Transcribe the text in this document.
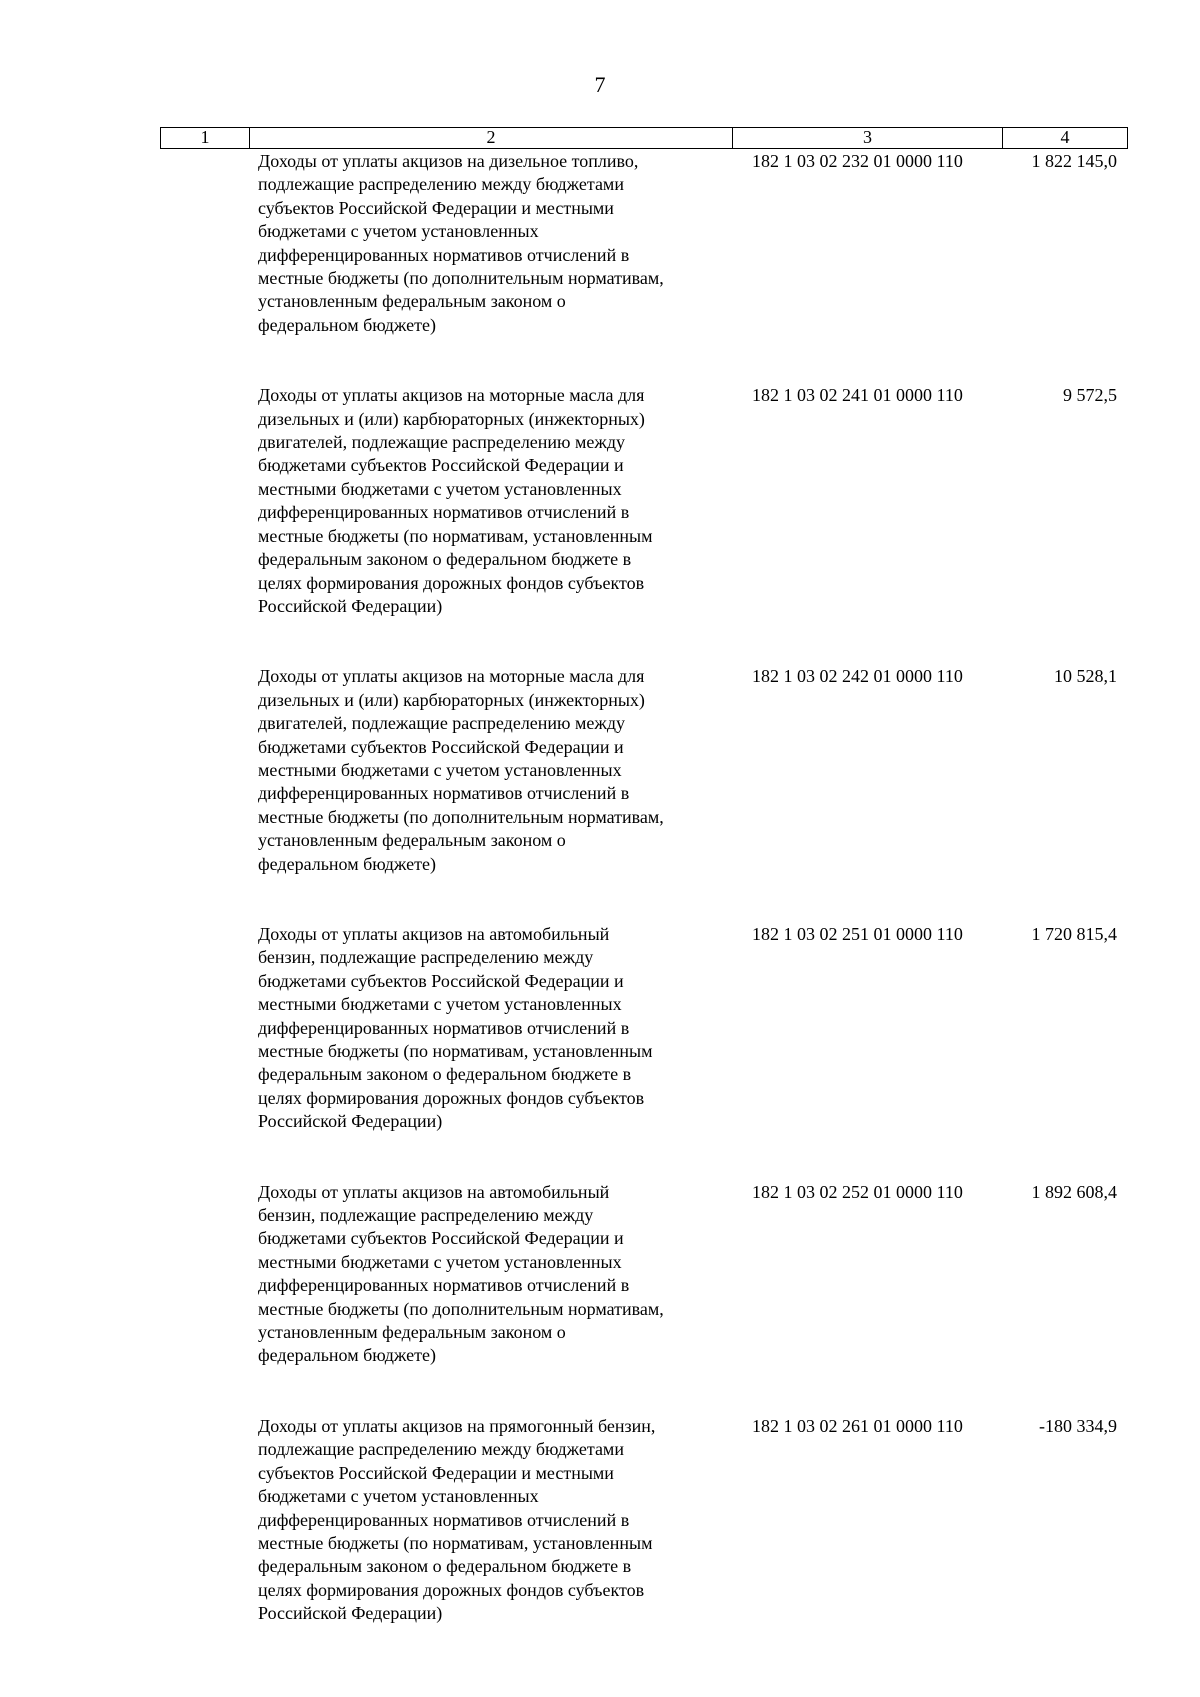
7
1	2	3	4
Доходы от уплаты акцизов на дизельное топливо,
подлежащие распределению между бюджетами
субъектов Российской Федерации и местными
бюджетами с учетом установленных
дифференцированных нормативов отчислений в
местные бюджеты (по дополнительным нормативам,
установленным федеральным законом о
федеральном бюджете)
182 1 03 02 232 01 0000 110	1 822 145,0
Доходы от уплаты акцизов на моторные масла для
дизельных и (или) карбюраторных (инжекторных)
двигателей, подлежащие распределению между
бюджетами субъектов Российской Федерации и
местными бюджетами с учетом установленных
дифференцированных нормативов отчислений в
местные бюджеты (по нормативам, установленным
федеральным законом о федеральном бюджете в
целях формирования дорожных фондов субъектов
Российской Федерации)
182 1 03 02 241 01 0000 110	9 572,5
Доходы от уплаты акцизов на моторные масла для
дизельных и (или) карбюраторных (инжекторных)
двигателей, подлежащие распределению между
бюджетами субъектов Российской Федерации и
местными бюджетами с учетом установленных
дифференцированных нормативов отчислений в
местные бюджеты (по дополнительным нормативам,
установленным федеральным законом о
федеральном бюджете)
182 1 03 02 242 01 0000 110	10 528,1
Доходы от уплаты акцизов на автомобильный
бензин, подлежащие распределению между
бюджетами субъектов Российской Федерации и
местными бюджетами с учетом установленных
дифференцированных нормативов отчислений в
местные бюджеты (по нормативам, установленным
федеральным законом о федеральном бюджете в
целях формирования дорожных фондов субъектов
Российской Федерации)
182 1 03 02 251 01 0000 110	1 720 815,4
Доходы от уплаты акцизов на автомобильный
бензин, подлежащие распределению между
бюджетами субъектов Российской Федерации и
местными бюджетами с учетом установленных
дифференцированных нормативов отчислений в
местные бюджеты (по дополнительным нормативам,
установленным федеральным законом о
федеральном бюджете)
182 1 03 02 252 01 0000 110	1 892 608,4
Доходы от уплаты акцизов на прямогонный бензин,
подлежащие распределению между бюджетами
субъектов Российской Федерации и местными
бюджетами с учетом установленных
дифференцированных нормативов отчислений в
местные бюджеты (по нормативам, установленным
федеральным законом о федеральном бюджете в
целях формирования дорожных фондов субъектов
Российской Федерации)
182 1 03 02 261 01 0000 110	-180 334,9
